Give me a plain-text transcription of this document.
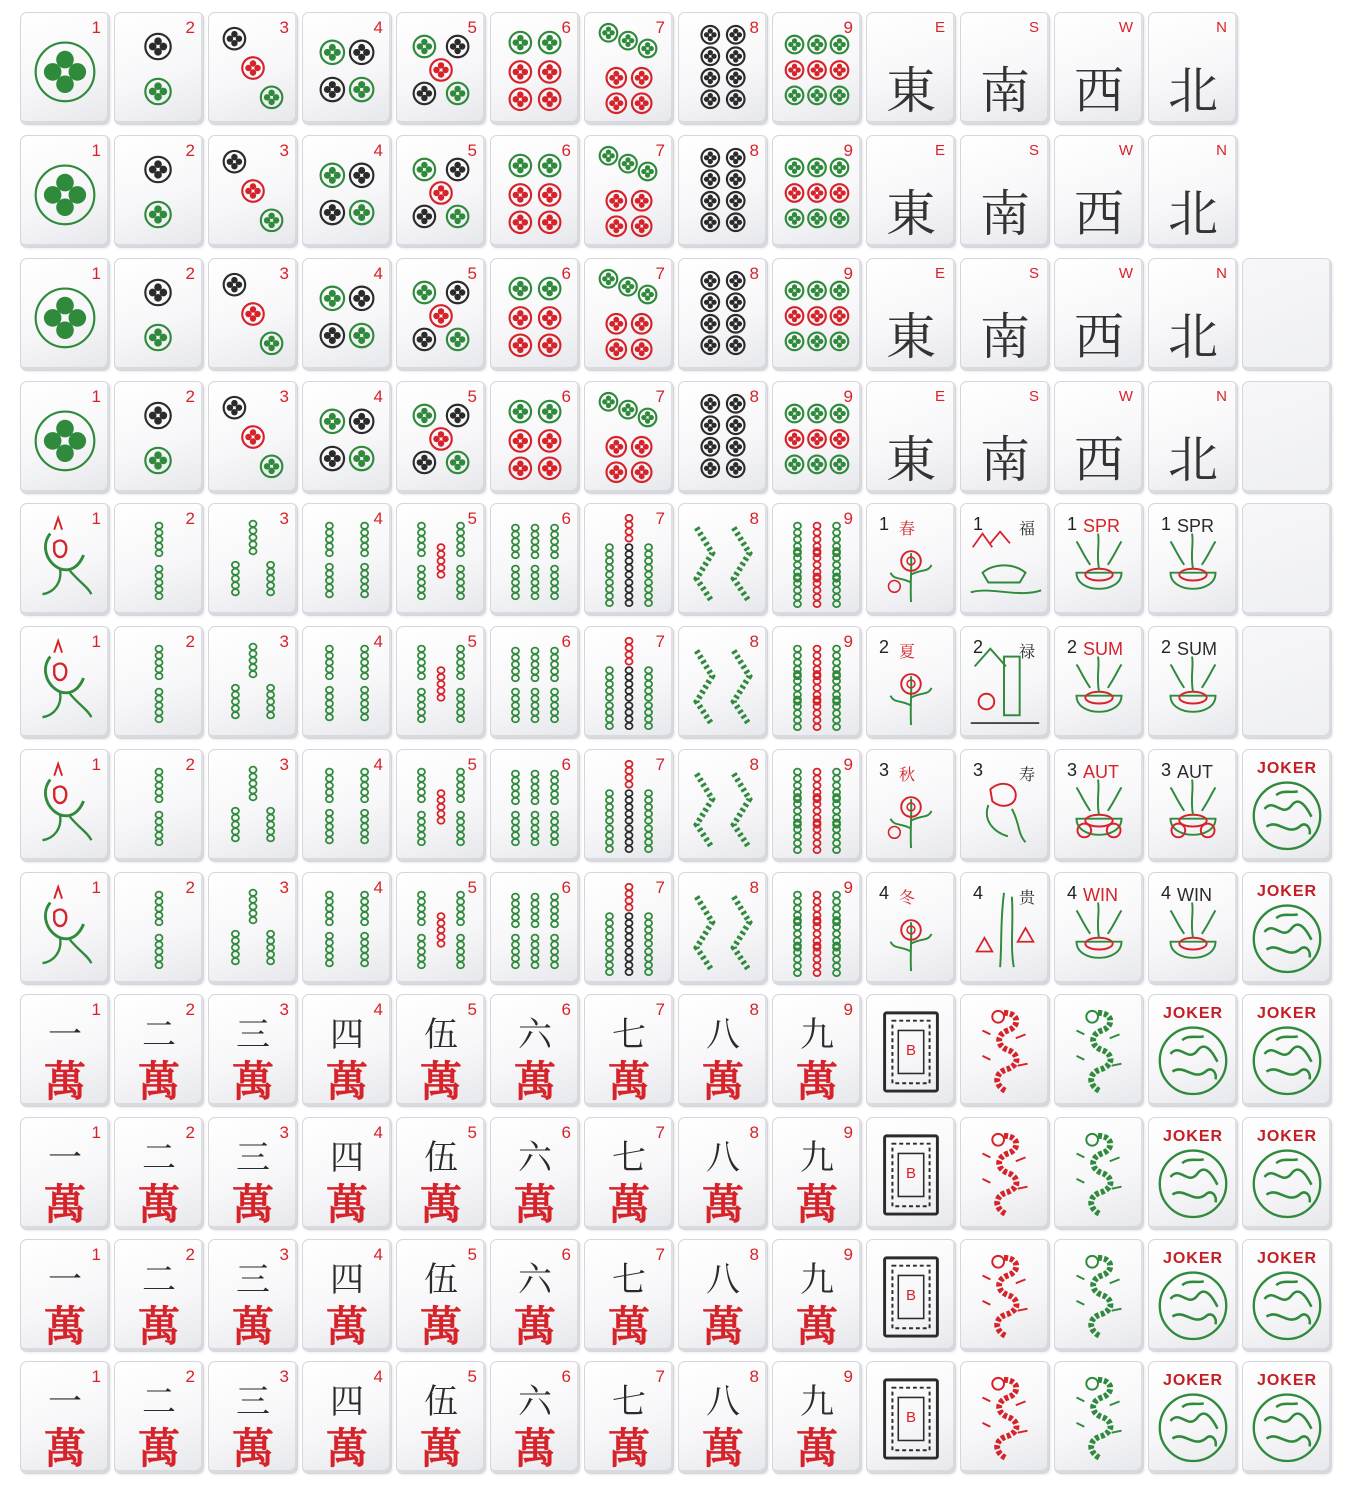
1	2	3	4	5	6	7	8	9
東
E
南
S
西
W
北
N
1	2	3	4	5	6	7	8	9
東
E
南
S
西
W
北
N
1	2	3	4	5	6	7	8	9
東
E
南
S
西
W
北
N
1	2	3	4	5	6	7	8	9
東
E
南
S
西
W
北
N
1	2	3	4	5	6	7	8	9 1 春	1 福 1 SPR 1 SPR
1	2	3	4	5	6	7	8	9 2 夏	2 禄 2 SUM 2 SUM
1	2	3	4	5	6	7	8	9 3 秋	3 寿 3 AUT 3 AUT	JOKER
1	2	3	4	5	6	7	8	9 4 冬	4 贵 4 WIN 4 WIN	JOKER
一
萬
1
二
萬
2
三
萬
3
四
萬
4
伍
萬
5
六
萬
6
七
萬
7
八
萬
8
九
萬
9
B
JOKER	JOKER
一
萬
1
二
萬
2
三
萬
3
四
萬
4
伍
萬
5
六
萬
6
七
萬
7
八
萬
8
九
萬
9
B
JOKER	JOKER
一
萬
1
二
萬
2
三
萬
3
四
萬
4
伍
萬
5
六
萬
6
七
萬
7
八
萬
8
九
萬
9
B
JOKER	JOKER
一
萬
1
二
萬
2
三
萬
3
四
萬
4
伍
萬
5
六
萬
6
七
萬
7
八
萬
8
九
萬
9
B
JOKER	JOKER
